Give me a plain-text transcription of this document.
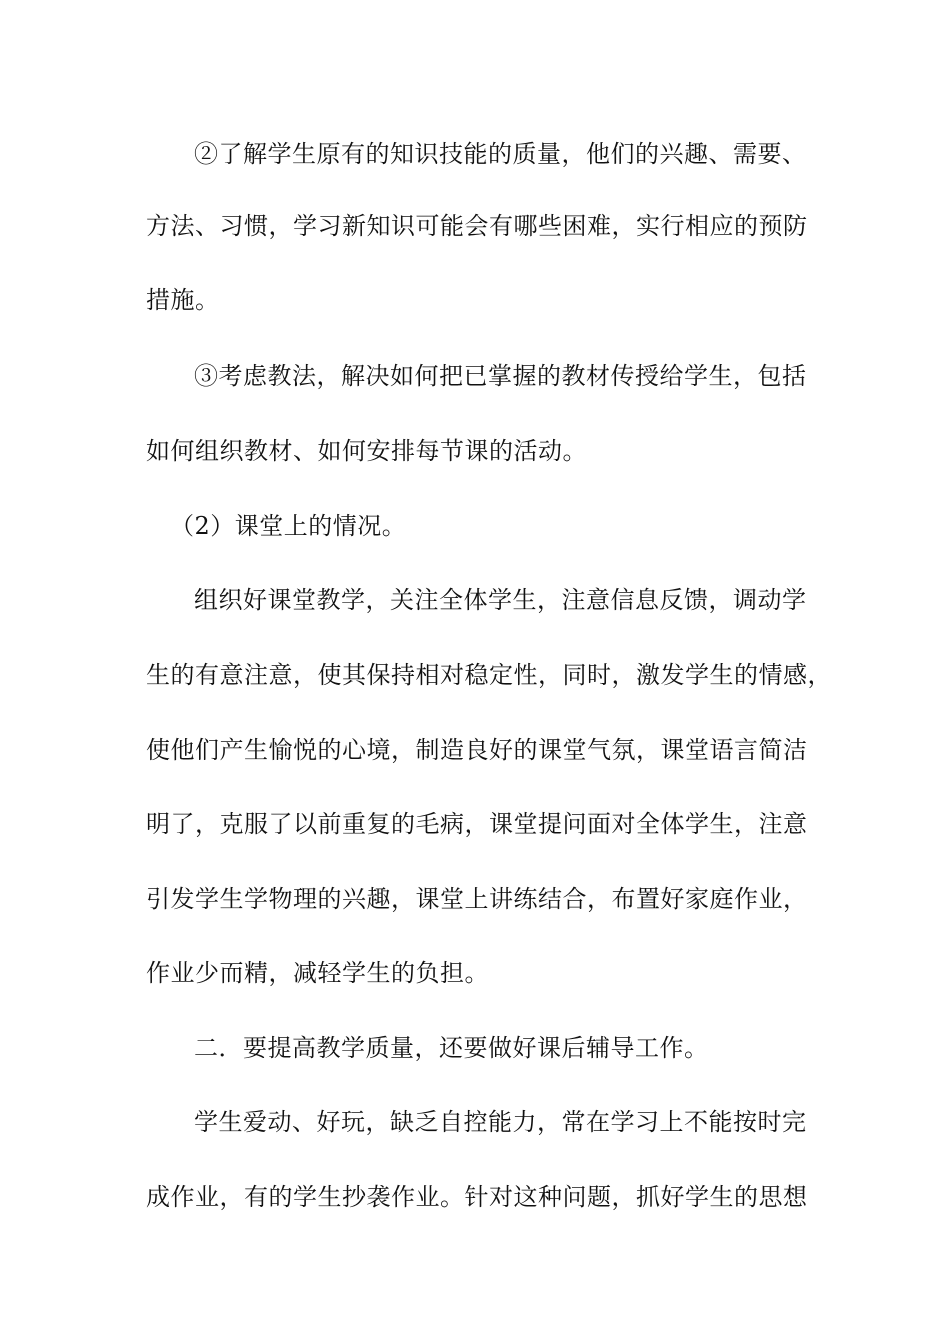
②了解学生原有的知识技能的质量，他们的兴趣、需要、
方法、习惯，学习新知识可能会有哪些困难，实行相应的预防
措施。
③考虑教法，解决如何把已掌握的教材传授给学生，包括
如何组织教材、如何安排每节课的活动。
（2）课堂上的情况。
组织好课堂教学，关注全体学生，注意信息反馈，调动学
生的有意注意，使其保持相对稳定性，同时，激发学生的情感，
使他们产生愉悦的心境，制造良好的课堂气氛，课堂语言简洁
明了，克服了以前重复的毛病，课堂提问面对全体学生，注意
引发学生学物理的兴趣，课堂上讲练结合，布置好家庭作业，
作业少而精，减轻学生的负担。
二．要提高教学质量，还要做好课后辅导工作。
学生爱动、好玩，缺乏自控能力，常在学习上不能按时完
成作业，有的学生抄袭作业。针对这种问题，抓好学生的思想
